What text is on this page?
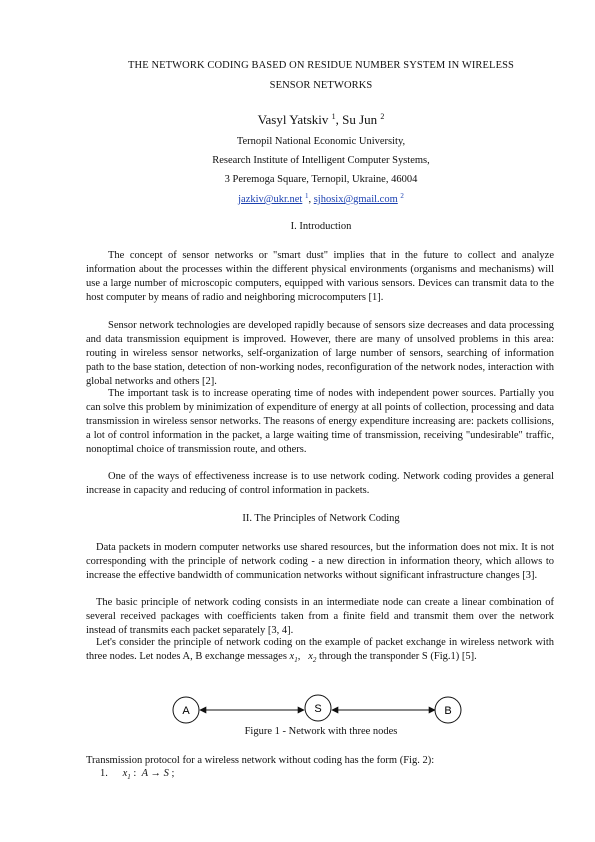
THE NETWORK CODING BASED ON RESIDUE NUMBER SYSTEM IN WIRELESS
SENSOR NETWORKS
Vasyl Yatskiv $^1$, Su Jun $^2$
Ternopil National Economic University,
Research Institute of Intelligent Computer Systems,
3 Peremoga Square, Ternopil, Ukraine, 46004
jazkiv@ukr.net $^1$, sjhosix@gmail.com $^2$
I. Introduction

The concept of sensor networks or "smart dust" implies that in the future to collect and analyze information about the processes within the different physical environments (organisms and mechanisms) will use a large number of microscopic computers, equipped with various sensors. Devices can transmit data to the host computer by means of radio and neighboring microcomputers [1].

Sensor network technologies are developed rapidly because of sensors size decreases and data processing and data transmission equipment is improved. However, there are many of unsolved problems in this area: routing in wireless sensor networks, self-organization of large number of sensors, searching of information path to the base station, detection of non-working nodes, reconfiguration of the network nodes, interaction with global networks and others [2].

The important task is to increase operating time of nodes with independent power sources. Partially you can solve this problem by minimization of expenditure of energy at all points of collection, processing and data transmission in wireless sensor networks. The reasons of energy expenditure increasing are: packets collisions, a lot of control information in the packet, a large waiting time of transmission, receiving "undesirable" traffic, nonoptimal choice of transmission route, and others.

One of the ways of effectiveness increase is to use network coding. Network coding provides a general increase in capacity and reducing of control information in packets.

II. The Principles of Network Coding

Data packets in modern computer networks use shared resources, but the information does not mix. It is not corresponding with the principle of network coding - a new direction in information theory, which allows to increase the effective bandwidth of communication networks without significant infrastructure changes [3].

The basic principle of network coding consists in an intermediate node can create a linear combination of several received packages with coefficients taken from a finite field and transmit them over the network instead of transmits each packet separately [3, 4].

Let's consider the principle of network coding on the example of packet exchange in wireless network with three nodes. Let nodes A, B exchange messages $x_1$,   $x_2$ through the transponder S (Fig.1) [5].

A	S	B
Figure 1 - Network with three nodes
Transmission protocol for a wireless network without coding has the form (Fig. 2):
1. $x_1$ :  A → S ;
